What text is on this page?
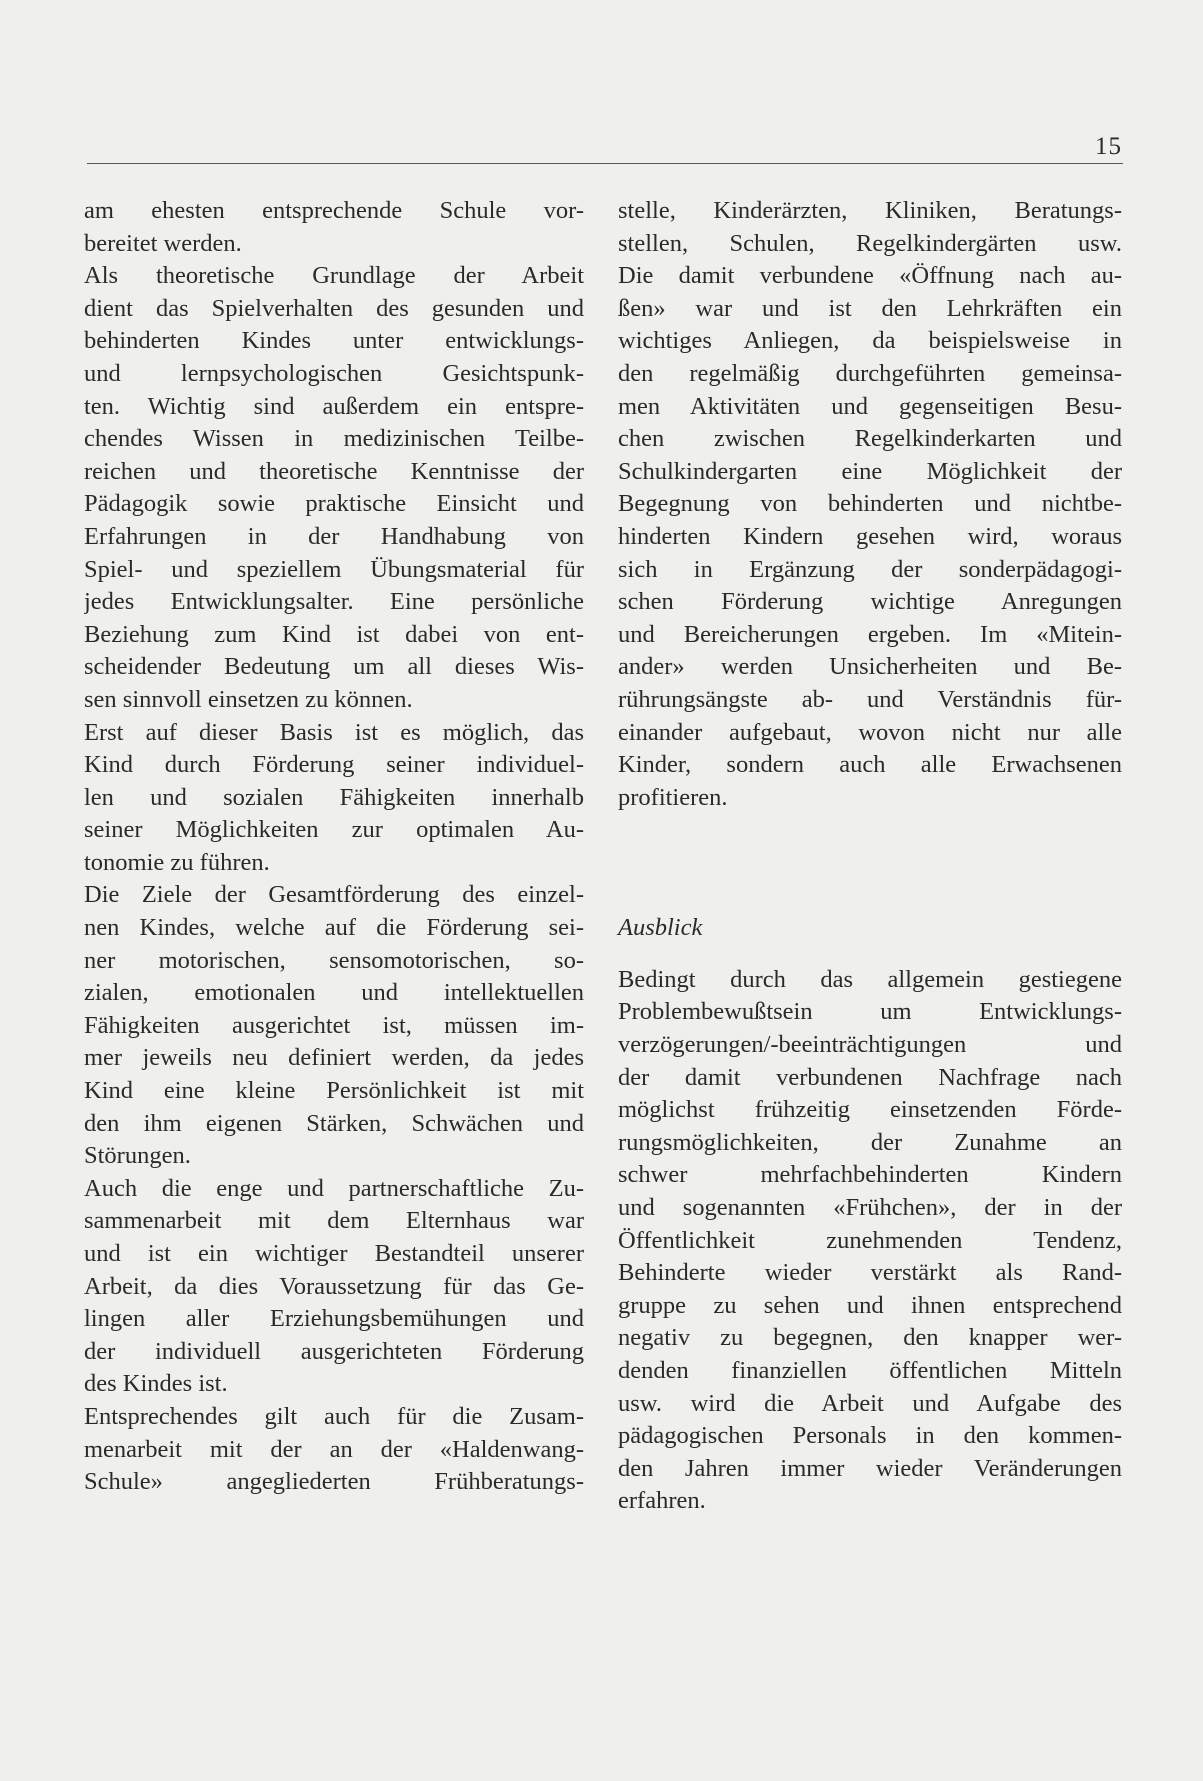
15
am ehesten entsprechende Schule vor-
bereitet werden.
Als theoretische Grundlage der Arbeit
dient das Spielverhalten des gesunden und
behinderten Kindes unter entwicklungs-
und lernpsychologischen Gesichtspunk-
ten. Wichtig sind außerdem ein entspre-
chendes Wissen in medizinischen Teilbe-
reichen und theoretische Kenntnisse der
Pädagogik sowie praktische Einsicht und
Erfahrungen in der Handhabung von
Spiel- und speziellem Übungsmaterial für
jedes Entwicklungsalter. Eine persönliche
Beziehung zum Kind ist dabei von ent-
scheidender Bedeutung um all dieses Wis-
sen sinnvoll einsetzen zu können.
Erst auf dieser Basis ist es möglich, das
Kind durch Förderung seiner individuel-
len und sozialen Fähigkeiten innerhalb
seiner Möglichkeiten zur optimalen Au-
tonomie zu führen.
Die Ziele der Gesamtförderung des einzel-
nen Kindes, welche auf die Förderung sei-
ner motorischen, sensomotorischen, so-
zialen, emotionalen und intellektuellen
Fähigkeiten ausgerichtet ist, müssen im-
mer jeweils neu definiert werden, da jedes
Kind eine kleine Persönlichkeit ist mit
den ihm eigenen Stärken, Schwächen und
Störungen.
Auch die enge und partnerschaftliche Zu-
sammenarbeit mit dem Elternhaus war
und ist ein wichtiger Bestandteil unserer
Arbeit, da dies Voraussetzung für das Ge-
lingen aller Erziehungsbemühungen und
der individuell ausgerichteten Förderung
des Kindes ist.
Entsprechendes gilt auch für die Zusam-
menarbeit mit der an der «Haldenwang-
Schule» angegliederten Frühberatungs-
stelle, Kinderärzten, Kliniken, Beratungs-
stellen, Schulen, Regelkindergärten usw.
Die damit verbundene «Öffnung nach au-
ßen» war und ist den Lehrkräften ein
wichtiges Anliegen, da beispielsweise in
den regelmäßig durchgeführten gemeinsa-
men Aktivitäten und gegenseitigen Besu-
chen zwischen Regelkinderkarten und
Schulkindergarten eine Möglichkeit der
Begegnung von behinderten und nichtbe-
hinderten Kindern gesehen wird, woraus
sich in Ergänzung der sonderpädagogi-
schen Förderung wichtige Anregungen
und Bereicherungen ergeben. Im «Mitein-
ander» werden Unsicherheiten und Be-
rührungsängste ab- und Verständnis für-
einander aufgebaut, wovon nicht nur alle
Kinder, sondern auch alle Erwachsenen
profitieren.
Ausblick
Bedingt durch das allgemein gestiegene
Problembewußtsein um Entwicklungs-
verzögerungen/-beeinträchtigungen und
der damit verbundenen Nachfrage nach
möglichst frühzeitig einsetzenden Förde-
rungsmöglichkeiten, der Zunahme an
schwer mehrfachbehinderten Kindern
und sogenannten «Frühchen», der in der
Öffentlichkeit zunehmenden Tendenz,
Behinderte wieder verstärkt als Rand-
gruppe zu sehen und ihnen entsprechend
negativ zu begegnen, den knapper wer-
denden finanziellen öffentlichen Mitteln
usw. wird die Arbeit und Aufgabe des
pädagogischen Personals in den kommen-
den Jahren immer wieder Veränderungen
erfahren.
